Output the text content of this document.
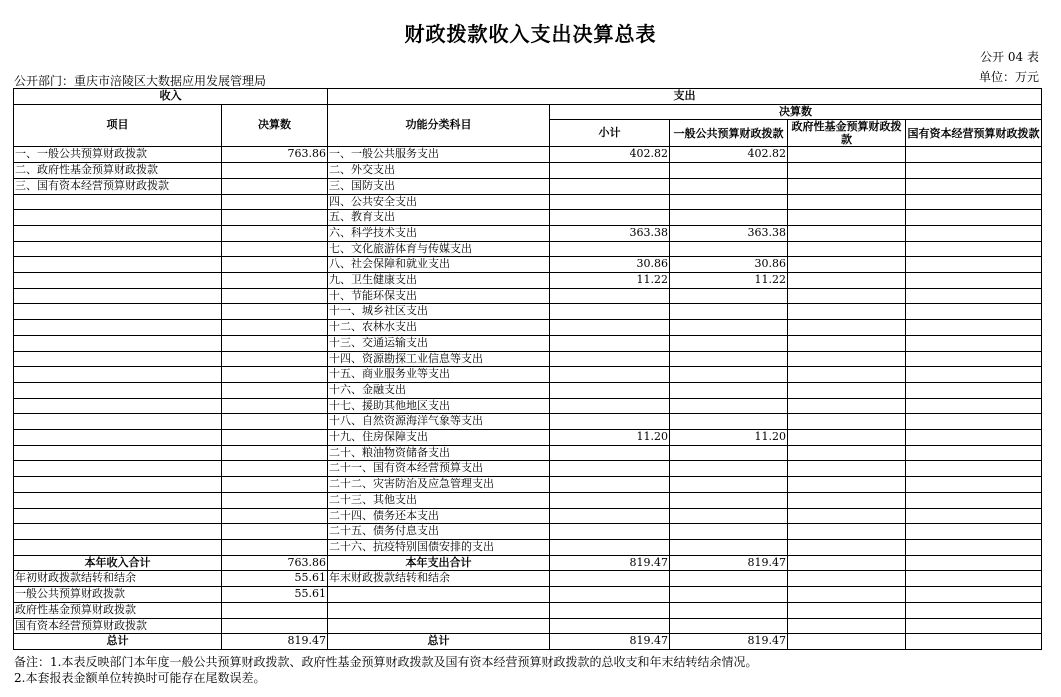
财政拨款收入支出决算总表
公开 04 表
单位：万元
公开部门：重庆市涪陵区大数据应用发展管理局
收入		支出				
项目	决算数	功能分类科目	决算数			
			小计	一般公共预算财政拨款	政府性基金预算财政拨款	国有资本经营预算财政拨款

一、一般公共预算财政拨款	763.86	一、一般公共服务支出	402.82	402.82		
二、政府性基金预算财政拨款		二、外交支出				
三、国有资本经营预算财政拨款		三、国防支出				
		四、公共安全支出				
		五、教育支出				
		六、科学技术支出	363.38	363.38		
		七、文化旅游体育与传媒支出				
		八、社会保障和就业支出	30.86	30.86		
		九、卫生健康支出	11.22	11.22		
		十、节能环保支出				
		十一、城乡社区支出				
		十二、农林水支出				
		十三、交通运输支出				
		十四、资源勘探工业信息等支出				
		十五、商业服务业等支出				
		十六、金融支出				
		十七、援助其他地区支出				
		十八、自然资源海洋气象等支出				
		十九、住房保障支出	11.20	11.20		
		二十、粮油物资储备支出				
		二十一、国有资本经营预算支出				
		二十二、灾害防治及应急管理支出				
		二十三、其他支出				
		二十四、债务还本支出				
		二十五、债务付息支出				
		二十六、抗疫特别国债安排的支出				
本年收入合计	763.86	本年支出合计	819.47	819.47		
年初财政拨款结转和结余	55.61	年末财政拨款结转和结余				
一般公共预算财政拨款	55.61					
政府性基金预算财政拨款						
国有资本经营预算财政拨款						
总计	819.47	总计	819.47	819.47		
备注：1.本表反映部门本年度一般公共预算财政拨款、政府性基金预算财政拨款及国有资本经营预算财政拨款的总收支和年末结转结余情况。
2.本套报表金额单位转换时可能存在尾数误差。
